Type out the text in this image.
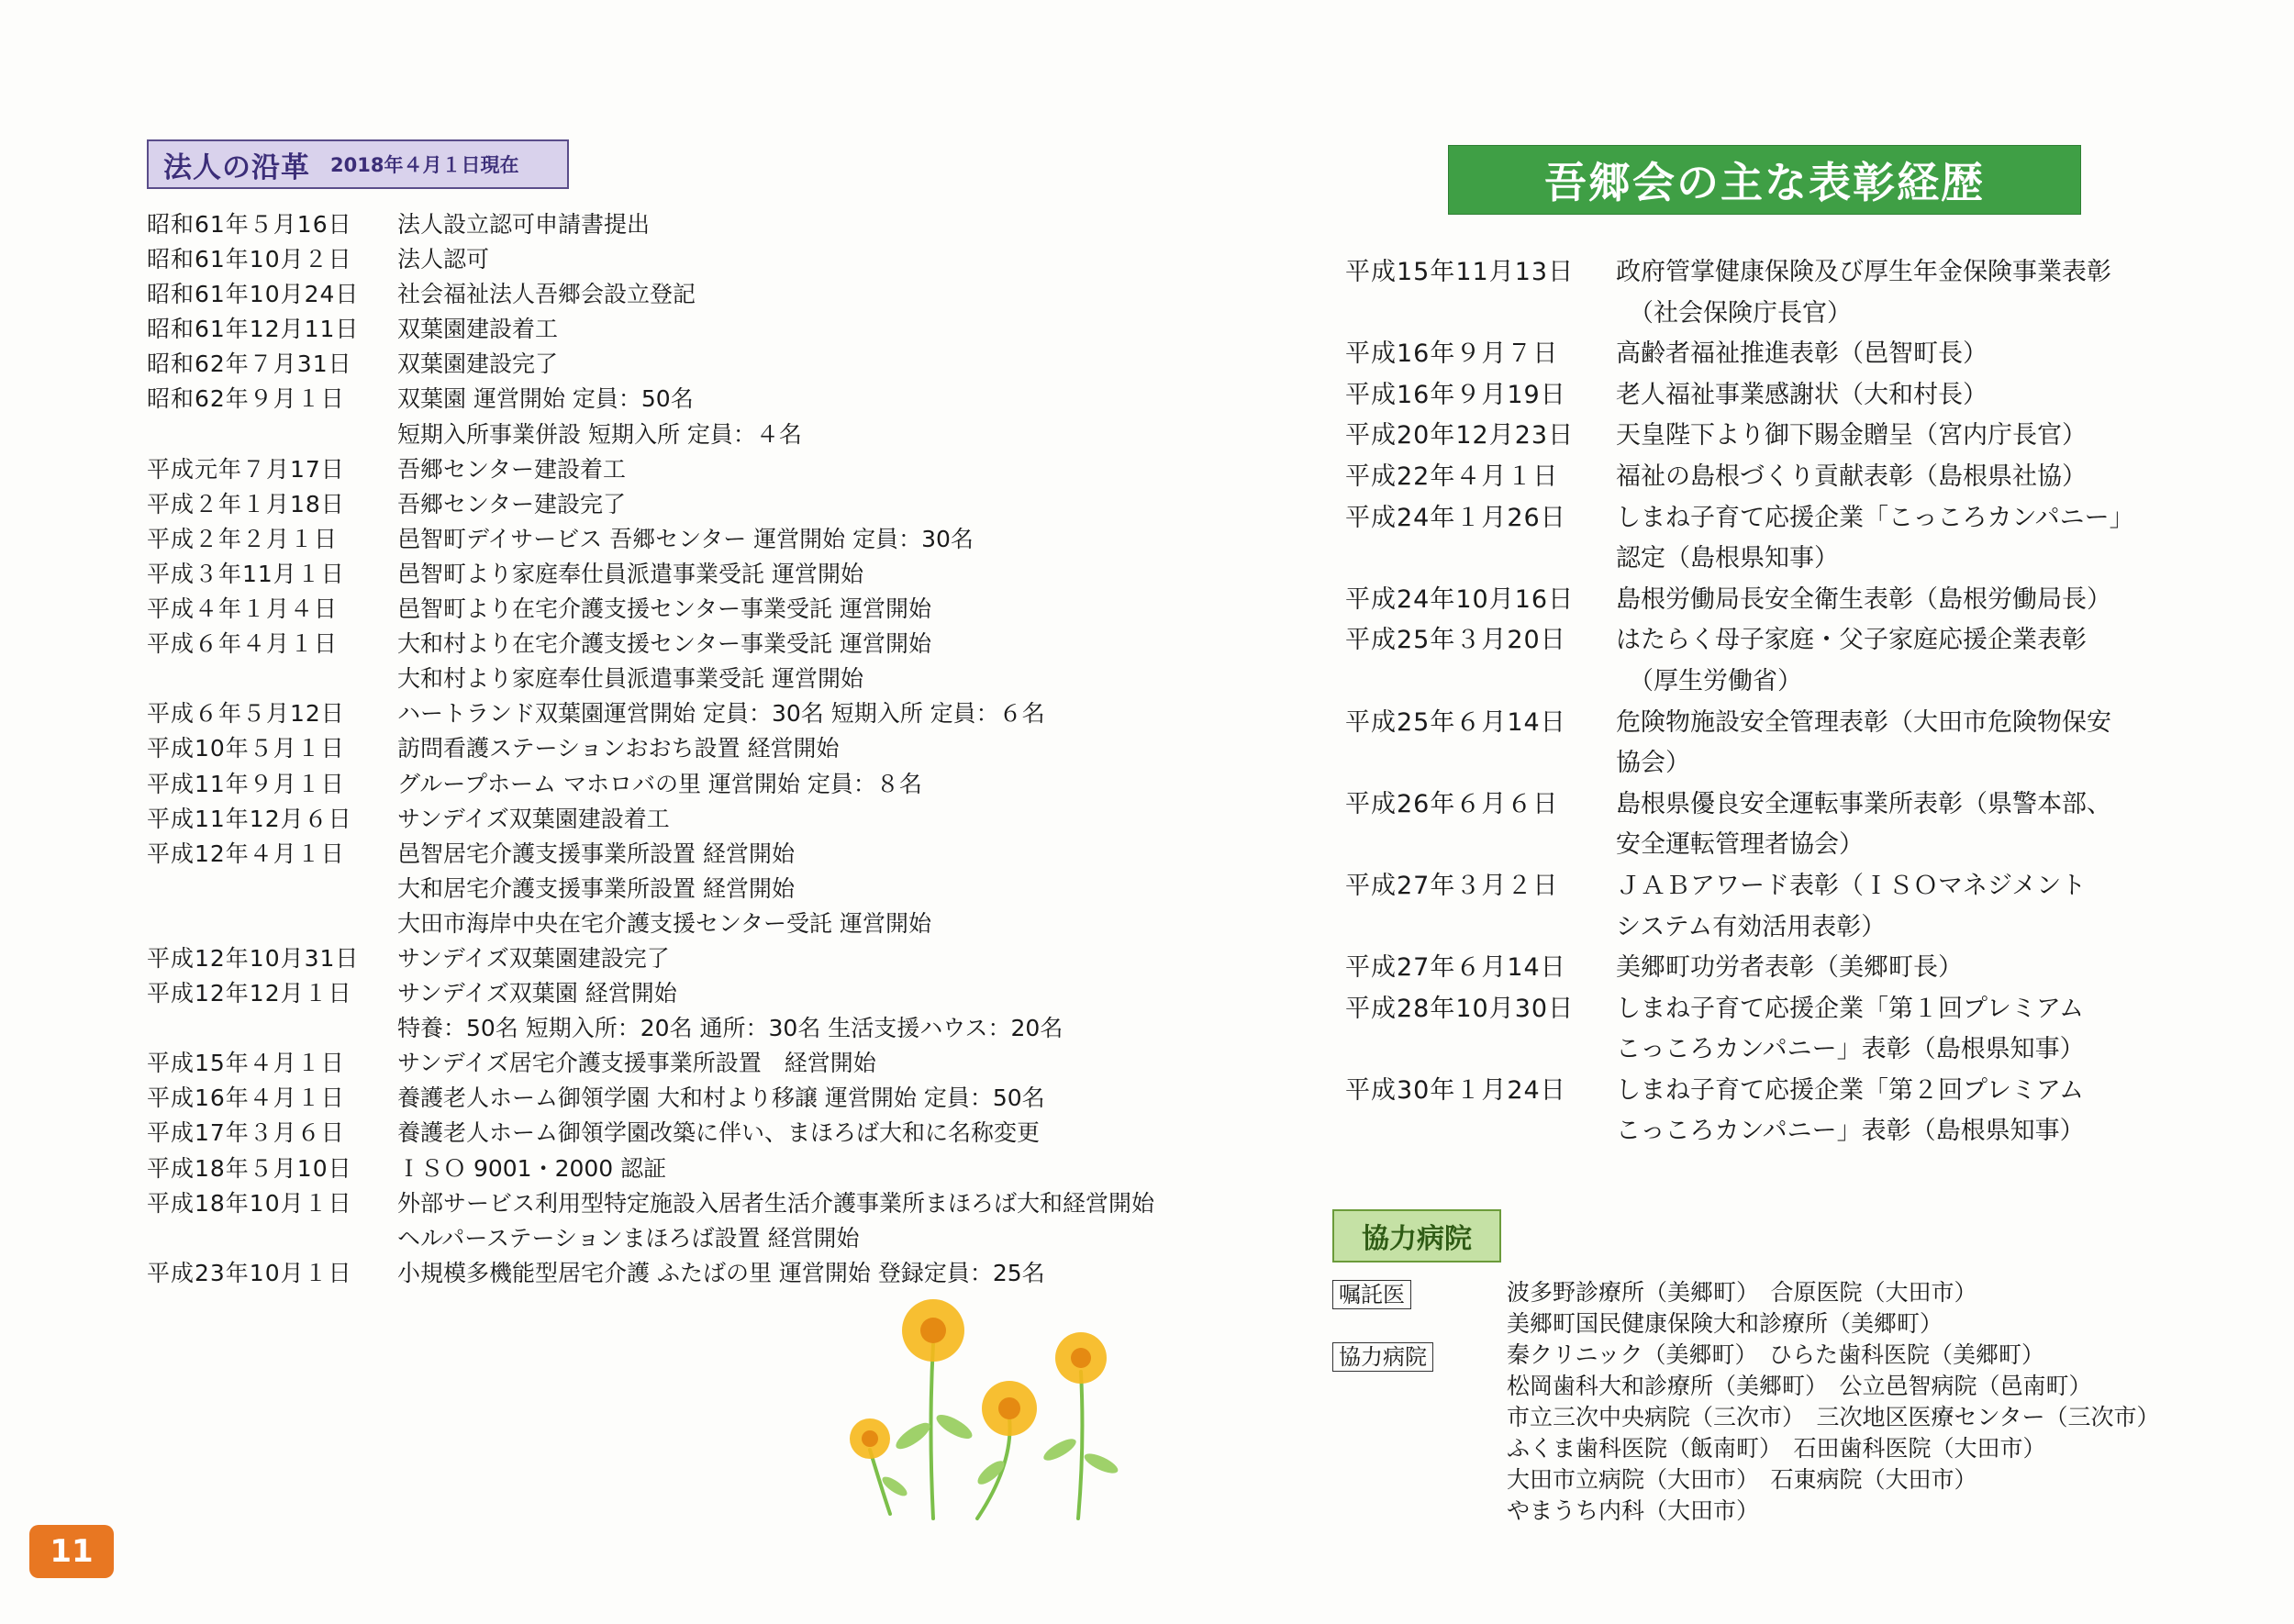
法人の沿革 2018年４月１日現在
昭和61年５月16日	法人設立認可申請書提出
昭和61年10月２日	法人認可
昭和61年10月24日	社会福祉法人吾郷会設立登記
昭和61年12月11日	双葉園建設着工
昭和62年７月31日	双葉園建設完了
昭和62年９月１日	双葉園 運営開始 定員：50名
短期入所事業併設 短期入所 定員：４名
平成元年７月17日	吾郷センター建設着工
平成２年１月18日	吾郷センター建設完了
平成２年２月１日	邑智町デイサービス 吾郷センター 運営開始 定員：30名
平成３年11月１日	邑智町より家庭奉仕員派遣事業受託 運営開始
平成４年１月４日	邑智町より在宅介護支援センター事業受託 運営開始
平成６年４月１日	大和村より在宅介護支援センター事業受託 運営開始
大和村より家庭奉仕員派遣事業受託 運営開始
平成６年５月12日	ハートランド双葉園運営開始 定員：30名 短期入所 定員：６名
平成10年５月１日	訪問看護ステーションおおち設置 経営開始
平成11年９月１日	グループホーム マホロバの里 運営開始 定員：８名
平成11年12月６日	サンデイズ双葉園建設着工
平成12年４月１日	邑智居宅介護支援事業所設置 経営開始
大和居宅介護支援事業所設置 経営開始
大田市海岸中央在宅介護支援センター受託 運営開始
平成12年10月31日	サンデイズ双葉園建設完了
平成12年12月１日	サンデイズ双葉園 経営開始
特養：50名 短期入所：20名 通所：30名 生活支援ハウス：20名
平成15年４月１日	サンデイズ居宅介護支援事業所設置　経営開始
平成16年４月１日	養護老人ホーム御領学園 大和村より移譲 運営開始 定員：50名
平成17年３月６日	養護老人ホーム御領学園改築に伴い、まほろば大和に名称変更
平成18年５月10日	ＩＳＯ 9001・2000 認証
平成18年10月１日	外部サービス利用型特定施設入居者生活介護事業所まほろば大和経営開始
ヘルパーステーションまほろば設置 経営開始
平成23年10月１日	小規模多機能型居宅介護 ふたばの里 運営開始 登録定員：25名
吾郷会の主な表彰経歴
平成15年11月13日	政府管掌健康保険及び厚生年金保険事業表彰
（社会保険庁長官）
平成16年９月７日	高齢者福祉推進表彰（邑智町長）
平成16年９月19日	老人福祉事業感謝状（大和村長）
平成20年12月23日	天皇陛下より御下賜金贈呈（宮内庁長官）
平成22年４月１日	福祉の島根づくり貢献表彰（島根県社協）
平成24年１月26日	しまね子育て応援企業「こっころカンパニー」
認定（島根県知事）
平成24年10月16日	島根労働局長安全衛生表彰（島根労働局長）
平成25年３月20日	はたらく母子家庭・父子家庭応援企業表彰
（厚生労働省）
平成25年６月14日	危険物施設安全管理表彰（大田市危険物保安
協会）
平成26年６月６日	島根県優良安全運転事業所表彰（県警本部、
安全運転管理者協会）
平成27年３月２日	ＪＡＢアワード表彰（ＩＳＯマネジメント
システム有効活用表彰）
平成27年６月14日	美郷町功労者表彰（美郷町長）
平成28年10月30日	しまね子育て応援企業「第１回プレミアム
こっころカンパニー」表彰（島根県知事）
平成30年１月24日	しまね子育て応援企業「第２回プレミアム
こっころカンパニー」表彰（島根県知事）
協力病院
嘱託医	波多野診療所（美郷町）　合原医院（大田市）
美郷町国民健康保険大和診療所（美郷町）
協力病院	秦クリニック（美郷町）　ひらた歯科医院（美郷町）
松岡歯科大和診療所（美郷町）　公立邑智病院（邑南町）
市立三次中央病院（三次市）　三次地区医療センター（三次市）
ふくま歯科医院（飯南町）　石田歯科医院（大田市）
大田市立病院（大田市）　石東病院（大田市）
やまうち内科（大田市）
11
